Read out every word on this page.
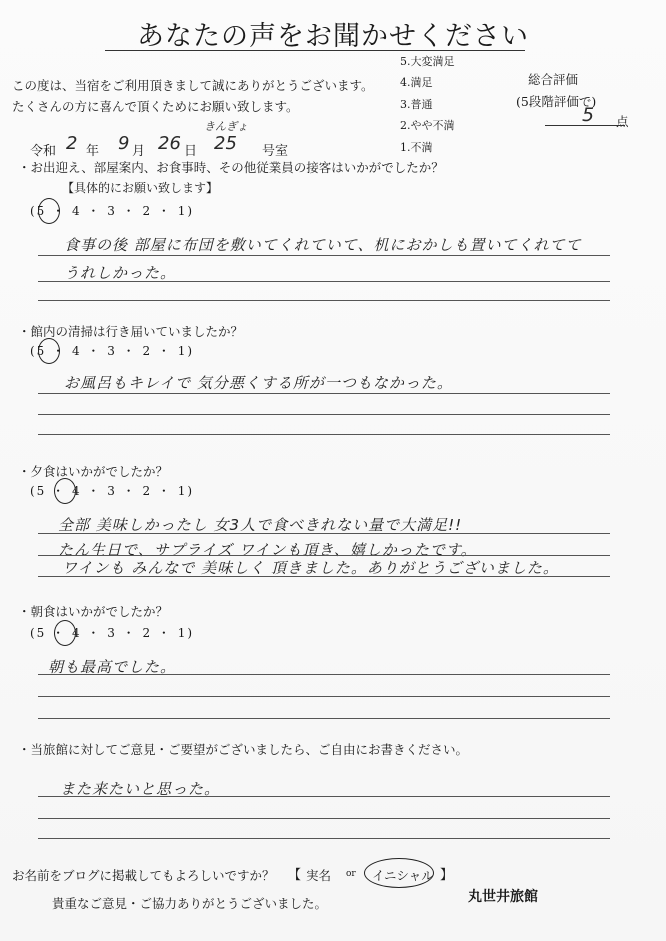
あなたの声をお聞かせください
この度は、当宿をご利用頂きまして誠にありがとうございます。
たくさんの方に喜んで頂くためにお願い致します。
5.大変満足
4.満足
3.普通
2.やや不満
1.不満
総合評価
(5段階評価で)
5 点
令和 2 年 9 月 26 日
きんぎょ
25 号室
・お出迎え、部屋案内、お食事時、その他従業員の接客はいかがでしたか？
【具体的にお願い致します】
(5 ・ 4 ・ 3 ・ 2 ・ 1)
食事の後 部屋に布団を敷いてくれていて、机におかしも置いてくれてて
うれしかった。
・館内の清掃は行き届いていましたか？
(5 ・ 4 ・ 3 ・ 2 ・ 1)
お風呂もキレイで 気分悪くする所が一つもなかった。
・夕食はいかがでしたか？
(5 ・ 4 ・ 3 ・ 2 ・ 1)
全部 美味しかったし 女3人で食べきれない量で大満足!!
たん生日で、サプライズ ワインも頂き、嬉しかったです。
ワインも みんなで 美味しく 頂きました。ありがとうございました。
・朝食はいかがでしたか？
(5 ・ 4 ・ 3 ・ 2 ・ 1)
朝も最高でした。
・当旅館に対してご意見・ご要望がございましたら、ご自由にお書きください。
また来たいと思った。
お名前をブログに掲載してもよろしいですか？ 【 実名 or イニシャル 】
貴重なご意見・ご協力ありがとうございました。	丸世井旅館
